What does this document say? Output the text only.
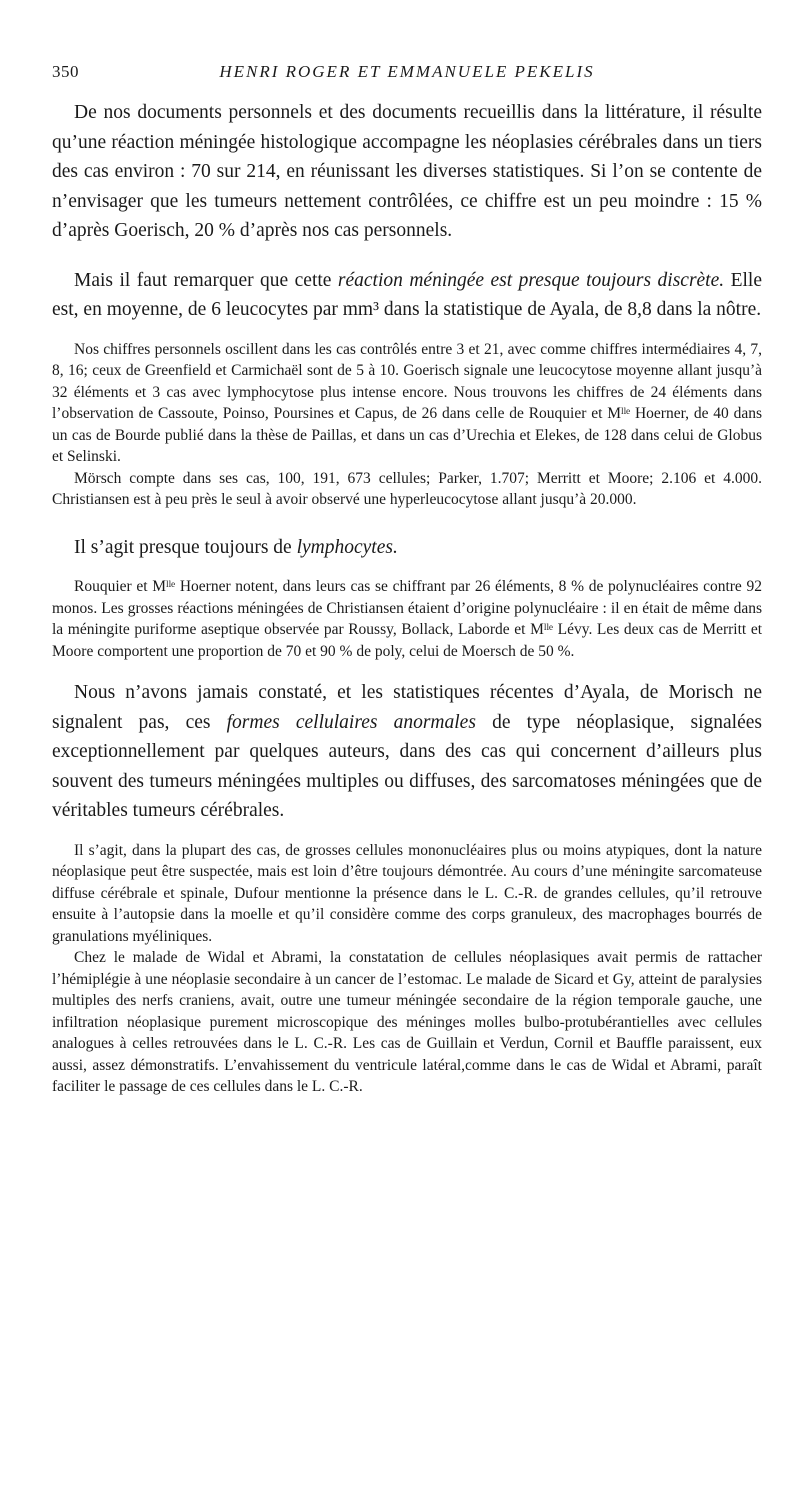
350	HENRI ROGER ET EMMANUELE PEKELIS

De nos documents personnels et des documents recueillis dans la littérature, il résulte qu’une réaction méningée histologique accompagne les néoplasies cérébrales dans un tiers des cas environ : 70 sur 214, en réunissant les diverses statistiques. Si l’on se contente de n’envisager que les tumeurs nettement contrôlées, ce chiffre est un peu moindre : 15 % d’après Goerisch, 20 % d’après nos cas personnels.

Mais il faut remarquer que cette réaction méningée est presque toujours discrète. Elle est, en moyenne, de 6 leucocytes par mm³ dans la statistique de Ayala, de 8,8 dans la nôtre.

Nos chiffres personnels oscillent dans les cas contrôlés entre 3 et 21, avec comme chiffres intermédiaires 4, 7, 8, 16; ceux de Greenfield et Carmichaël sont de 5 à 10. Goerisch signale une leucocytose moyenne allant jusqu’à 32 éléments et 3 cas avec lymphocytose plus intense encore. Nous trouvons les chiffres de 24 éléments dans l’observation de Cassoute, Poinso, Poursines et Capus, de 26 dans celle de Rouquier et Mˡˡᵉ Hoerner, de 40 dans un cas de Bourde publié dans la thèse de Paillas, et dans un cas d’Urechia et Elekes, de 128 dans celui de Globus et Selinski.

Mörsch compte dans ses cas, 100, 191, 673 cellules; Parker, 1.707; Merritt et Moore; 2.106 et 4.000. Christiansen est à peu près le seul à avoir observé une hyperleucocytose allant jusqu’à 20.000.

Il s’agit presque toujours de lymphocytes.

Rouquier et Mˡˡᵉ Hoerner notent, dans leurs cas se chiffrant par 26 éléments, 8 % de polynucléaires contre 92 monos. Les grosses réactions méningées de Christiansen étaient d’origine polynucléaire : il en était de même dans la méningite puriforme aseptique observée par Roussy, Bollack, Laborde et Mˡˡᵉ Lévy. Les deux cas de Merritt et Moore comportent une proportion de 70 et 90 % de poly, celui de Moersch de 50 %.

Nous n’avons jamais constaté, et les statistiques récentes d’Ayala, de Morisch ne signalent pas, ces formes cellulaires anormales de type néoplasique, signalées exceptionnellement par quelques auteurs, dans des cas qui concernent d’ailleurs plus souvent des tumeurs méningées multiples ou diffuses, des sarcomatoses méningées que de véritables tumeurs cérébrales.

Il s’agit, dans la plupart des cas, de grosses cellules mononucléaires plus ou moins atypiques, dont la nature néoplasique peut être suspectée, mais est loin d’être toujours démontrée. Au cours d’une méningite sarcomateuse diffuse cérébrale et spinale, Dufour mentionne la présence dans le L. C.-R. de grandes cellules, qu’il retrouve ensuite à l’autopsie dans la moelle et qu’il considère comme des corps granuleux, des macrophages bourrés de granulations myéliniques.

Chez le malade de Widal et Abrami, la constatation de cellules néoplasiques avait permis de rattacher l’hémiplégie à une néoplasie secondaire à un cancer de l’estomac. Le malade de Sicard et Gy, atteint de paralysies multiples des nerfs craniens, avait, outre une tumeur méningée secondaire de la région temporale gauche, une infiltration néoplasique purement microscopique des méninges molles bulbo-protubérantielles avec cellules analogues à celles retrouvées dans le L. C.-R. Les cas de Guillain et Verdun, Cornil et Baufflе paraissent, eux aussi, assez démonstratifs. L’envahissement du ventricule latéral,comme dans le cas de Widal et Abrami, paraît faciliter le passage de ces cellules dans le L. C.-R.
